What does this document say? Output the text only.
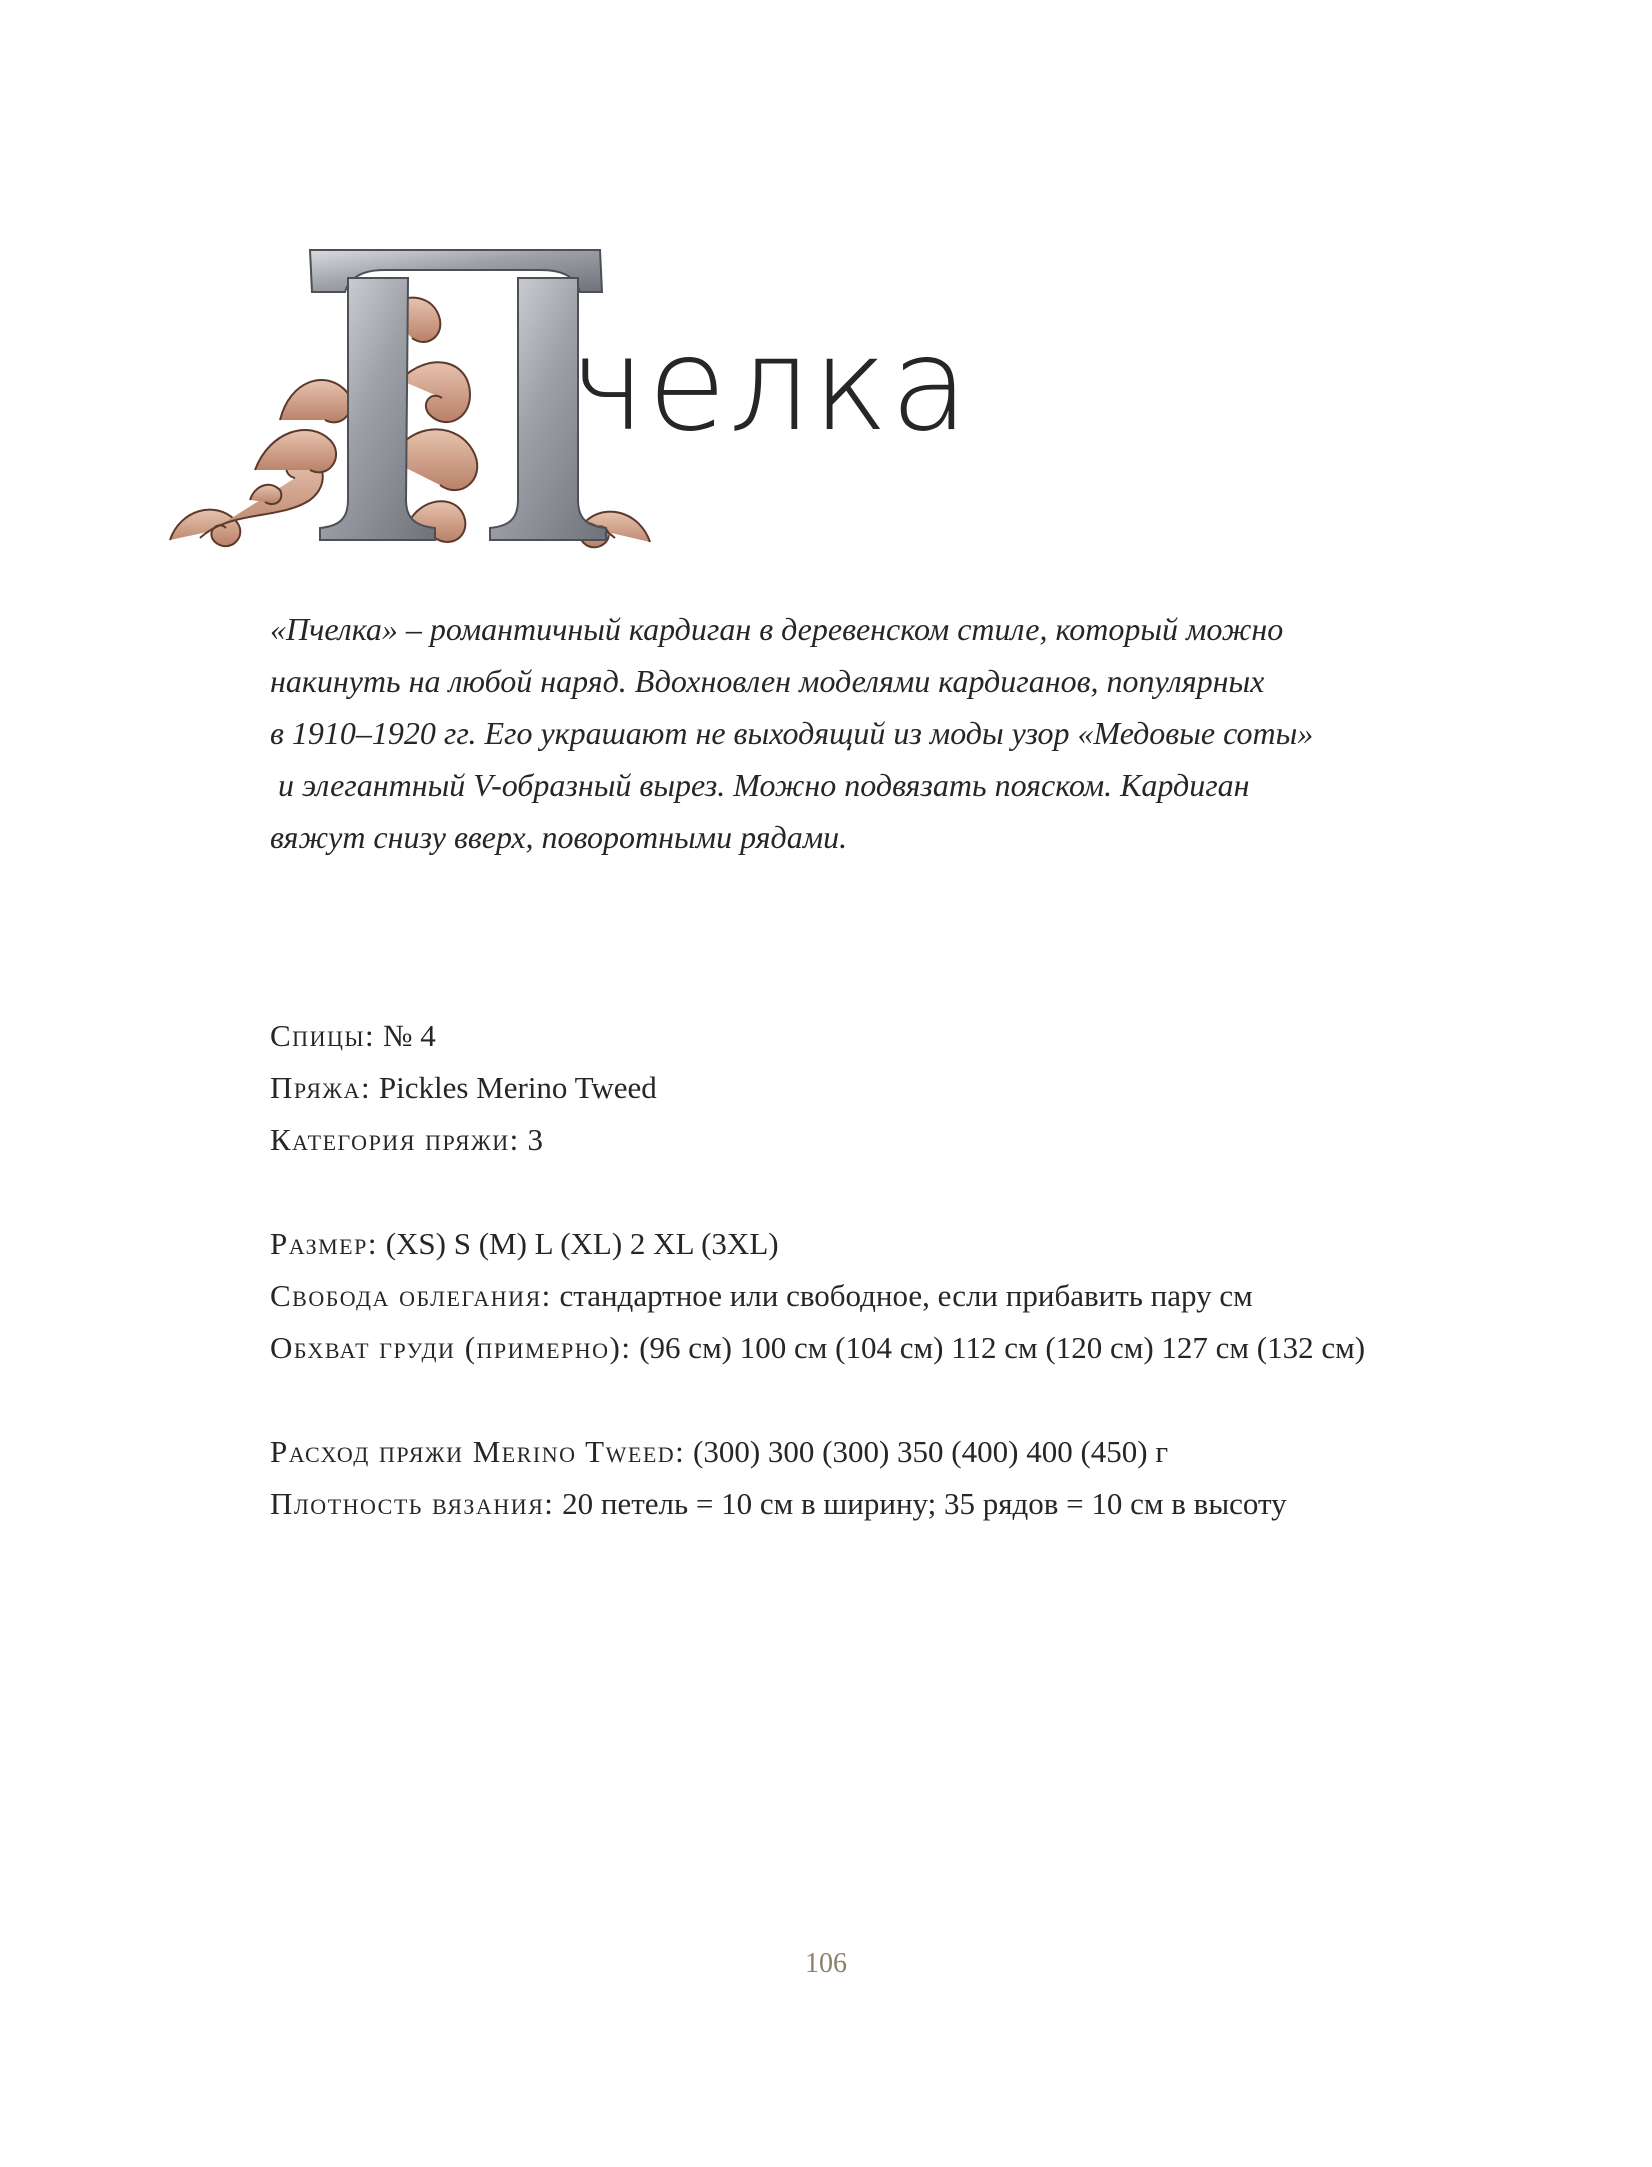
челка
«Пчелка» – романтичный кардиган в деревенском стиле, который можно
накинуть на любой наряд. Вдохновлен моделями кардиганов, популярных
в 1910–1920 гг. Его украшают не выходящий из моды узор «Медовые соты»
и элегантный V-образный вырез. Можно подвязать пояском. Кардиган
вяжут снизу вверх, поворотными рядами.
Спицы: № 4
Пряжа: Pickles Merino Tweed
Категория пряжи: 3
Размер: (XS) S (M) L (XL) 2 XL (3XL)
Свобода облегания: стандартное или свободное, если прибавить пару см
Обхват груди (примерно): (96 см) 100 см (104 см) 112 см (120 см) 127 см (132 см)
Расход пряжи Merino Tweed: (300) 300 (300) 350 (400) 400 (450) г
Плотность вязания: 20 петель = 10 см в ширину; 35 рядов = 10 см в высоту
106
